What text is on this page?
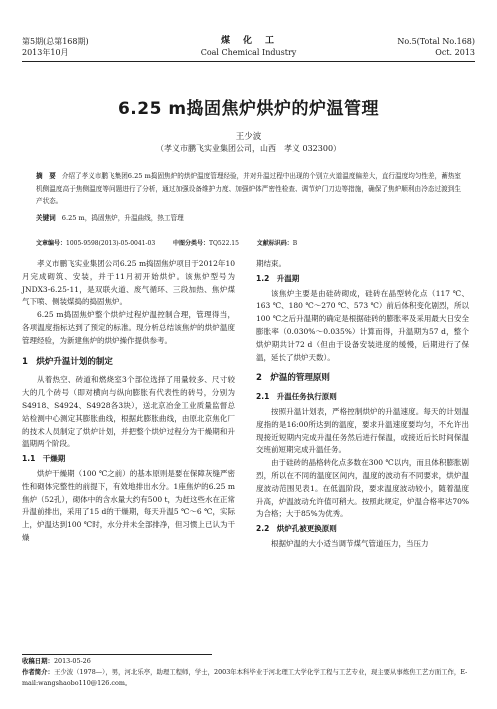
第5期(总第168期)
2013年10月
煤　化　工
Coal Chemical Industry
No.5(Total No.168)
Oct. 2013
6.25 m捣固焦炉烘炉的炉温管理
王少波
（孝义市鹏飞实业集团公司，山西　孝义 032300）
摘　要 介绍了孝义市鹏飞集团6.25 m捣固焦炉的烘炉温度管理经验，并对升温过程中出现的个别立火道温度偏差大，直行温度均匀性差，蓄热室机侧温度高于焦侧温度等问题进行了分析，通过加强设备维护力度、加强炉体严密性检查、调节炉门刀边等措施，确保了焦炉顺利由冷态过渡到生产状态。
关键词 6.25 m，捣固焦炉，升温曲线，热工管理
文章编号：1005-9598(2013)-05-0041-03	中图分类号：TQ522.15	文献标识码：B

孝义市鹏飞实业集团公司6.25 m捣固焦炉项目于2012年10月完成砌筑、安装，并于11月初开始烘炉。该焦炉型号为JNDX3-6.25-11，是双联火道、废气循环、三段加热、焦炉煤气下喷、侧装煤捣的捣固焦炉。

6.25 m捣固焦炉整个烘炉过程炉温控制合理，管理得当，各项温度指标达到了预定的标准。现分析总结该焦炉的烘炉温度管理经验，为新建焦炉的烘炉操作提供参考。

1　烘炉升温计划的制定

从着热空、砖道和燃烧室3个部位选择了用量较多、尺寸较大的几个砖号（即对横向与纵向膨胀有代表性的砖号，分别为S4918、S4924、S4928各3块），送北京冶金工业质量监督总站检测中心测定其膨胀曲线，根据此膨胀曲线，由原北京焦化厂的技术人员制定了烘炉计划，并把整个烘炉过程分为干燥期和升温期两个阶段。

1.1　干燥期

烘炉干燥期（100 ℃之前）的基本原则是要在保障灰缝严密性和砌体完整性的前提下，有效地排出水分。1座焦炉的6.25 m焦炉（52孔），砌体中的含水量大约有500 t，为赶这些水在正常升温前排出，采用了15 d的干燥期，每天升温5 ℃～6 ℃，实际上，炉温达到100 ℃时，水分并未全部排净，但习惯上已认为干燥

期结束。

1.2　升温期

该焦炉主要是由硅砖砌成，硅砖在晶型转化点（117 ℃、163 ℃、180 ℃～270 ℃、573 ℃）前后体积变化剧烈，所以100 ℃之后升温期的确定是根据硅砖的膨胀率及采用最大日安全膨胀率（0.030%～0.035%）计算而得，升温期为57 d，整个烘炉期共计72 d（但由于设备安装进度的缓慢，后期进行了保温，延长了烘炉天数）。

2　炉温的管理原则
2.1　升温任务执行原则

按照升温计划表，严格控制烘炉的升温速度。每天的计划温度指的是16:00所达到的温度，要求升温速度要均匀，不允许出现接近短期内完成升温任务然后进行保温，或接近后长时间保温交班前短期完成升温任务。

由于硅砖的晶格转化点多数在300 ℃以内，而且体积膨胀剧烈，所以在不同的温度区间内，温度的波动有不同要求，烘炉温度波动范围见表1。在低温阶段，要求温度波动较小，随着温度升高，炉温波动允许值可稍大。按照此规定，炉温合格率达70%为合格；大于85%为优秀。

2.2　烘炉孔被更换原则

根据炉温的大小适当调节煤气管道压力，当压力

收稿日期：2013-05-26
作者简介：王少波（1978—），男，河北乐亭，助理工程师，学士，2003年本科毕业于河北理工大学化学工程与工艺专业，现主要从事炼焦工艺方面工作，E-mail:wangshaobo110@126.com。
